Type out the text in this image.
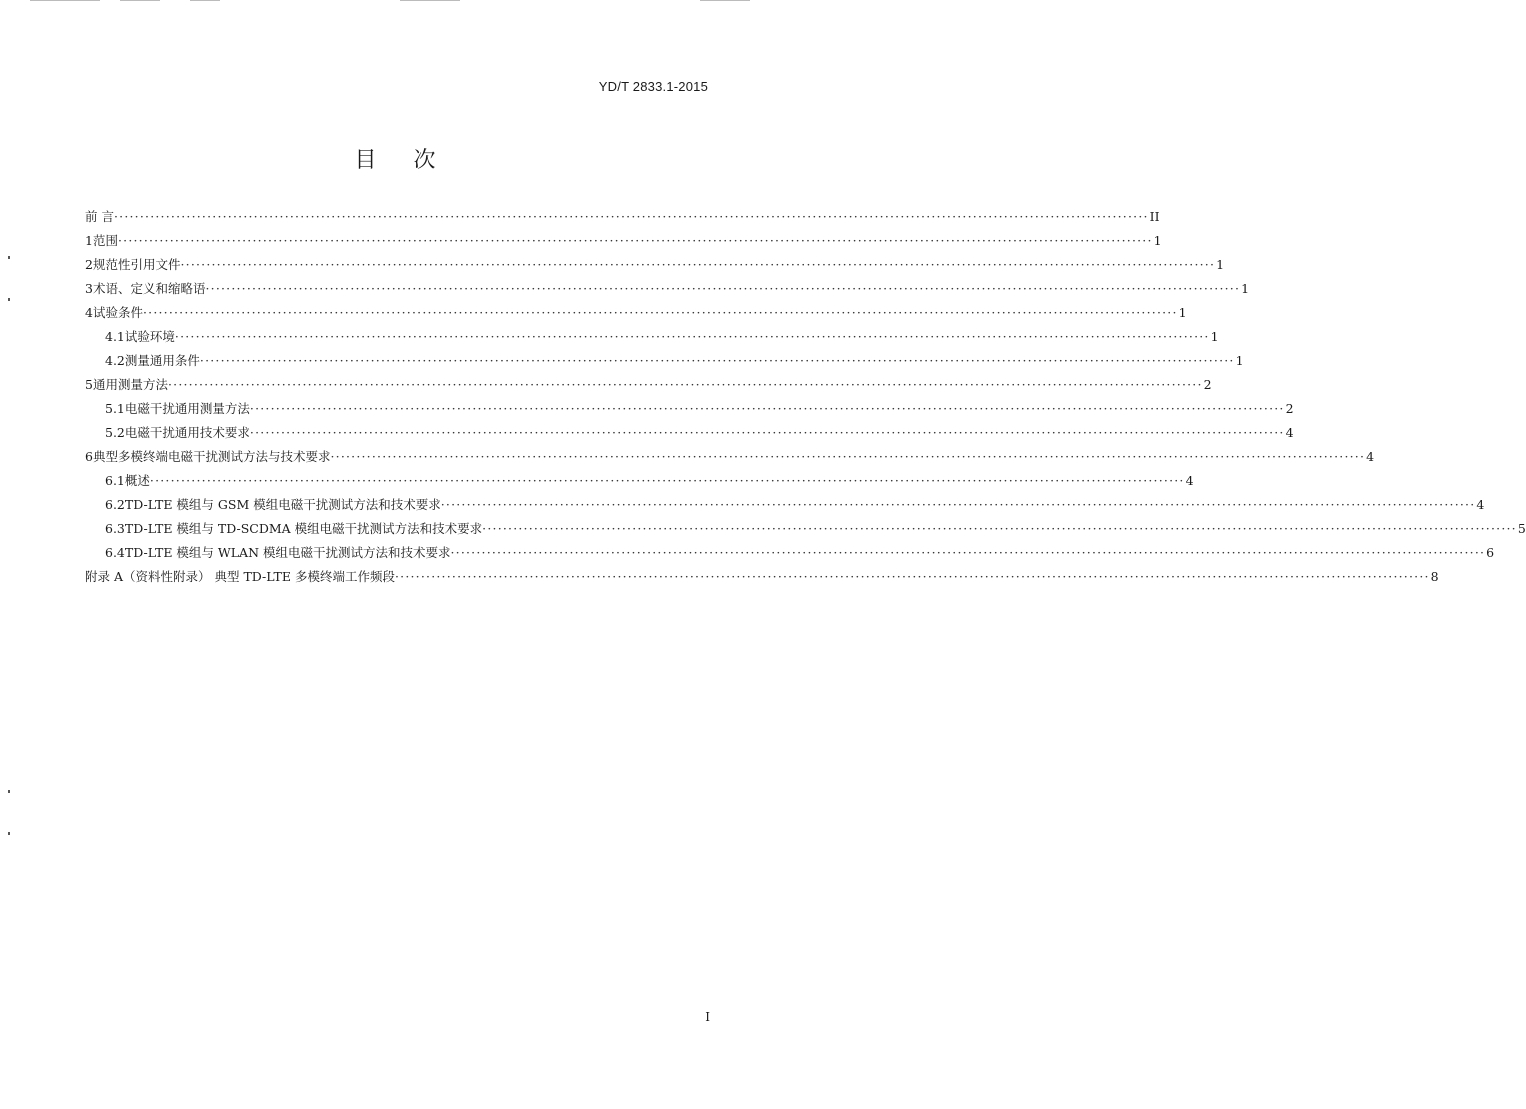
YD/T 2833.1-2015
目 次
前 言 ········································································································································································································ II
1 范围 ········································································································································································································ 1
2 规范性引用文件 ········································································································································································································ 1
3 术语、定义和缩略语 ········································································································································································································ 1
4 试验条件 ········································································································································································································ 1
4.1 试验环境 ········································································································································································································ 1
4.2 测量通用条件 ········································································································································································································ 1
5 通用测量方法 ········································································································································································································ 2
5.1 电磁干扰通用测量方法 ········································································································································································································ 2
5.2 电磁干扰通用技术要求 ········································································································································································································ 4
6 典型多模终端电磁干扰测试方法与技术要求 ········································································································································································································ 4
6.1 概述 ········································································································································································································ 4
6.2 TD-LTE 模组与 GSM 模组电磁干扰测试方法和技术要求 ········································································································································································································ 4
6.3 TD-LTE 模组与 TD-SCDMA 模组电磁干扰测试方法和技术要求 ········································································································································································································ 5
6.4 TD-LTE 模组与 WLAN 模组电磁干扰测试方法和技术要求 ········································································································································································································ 6
附录 A（资料性附录） 典型 TD-LTE 多模终端工作频段 ········································································································································································································ 8
I
